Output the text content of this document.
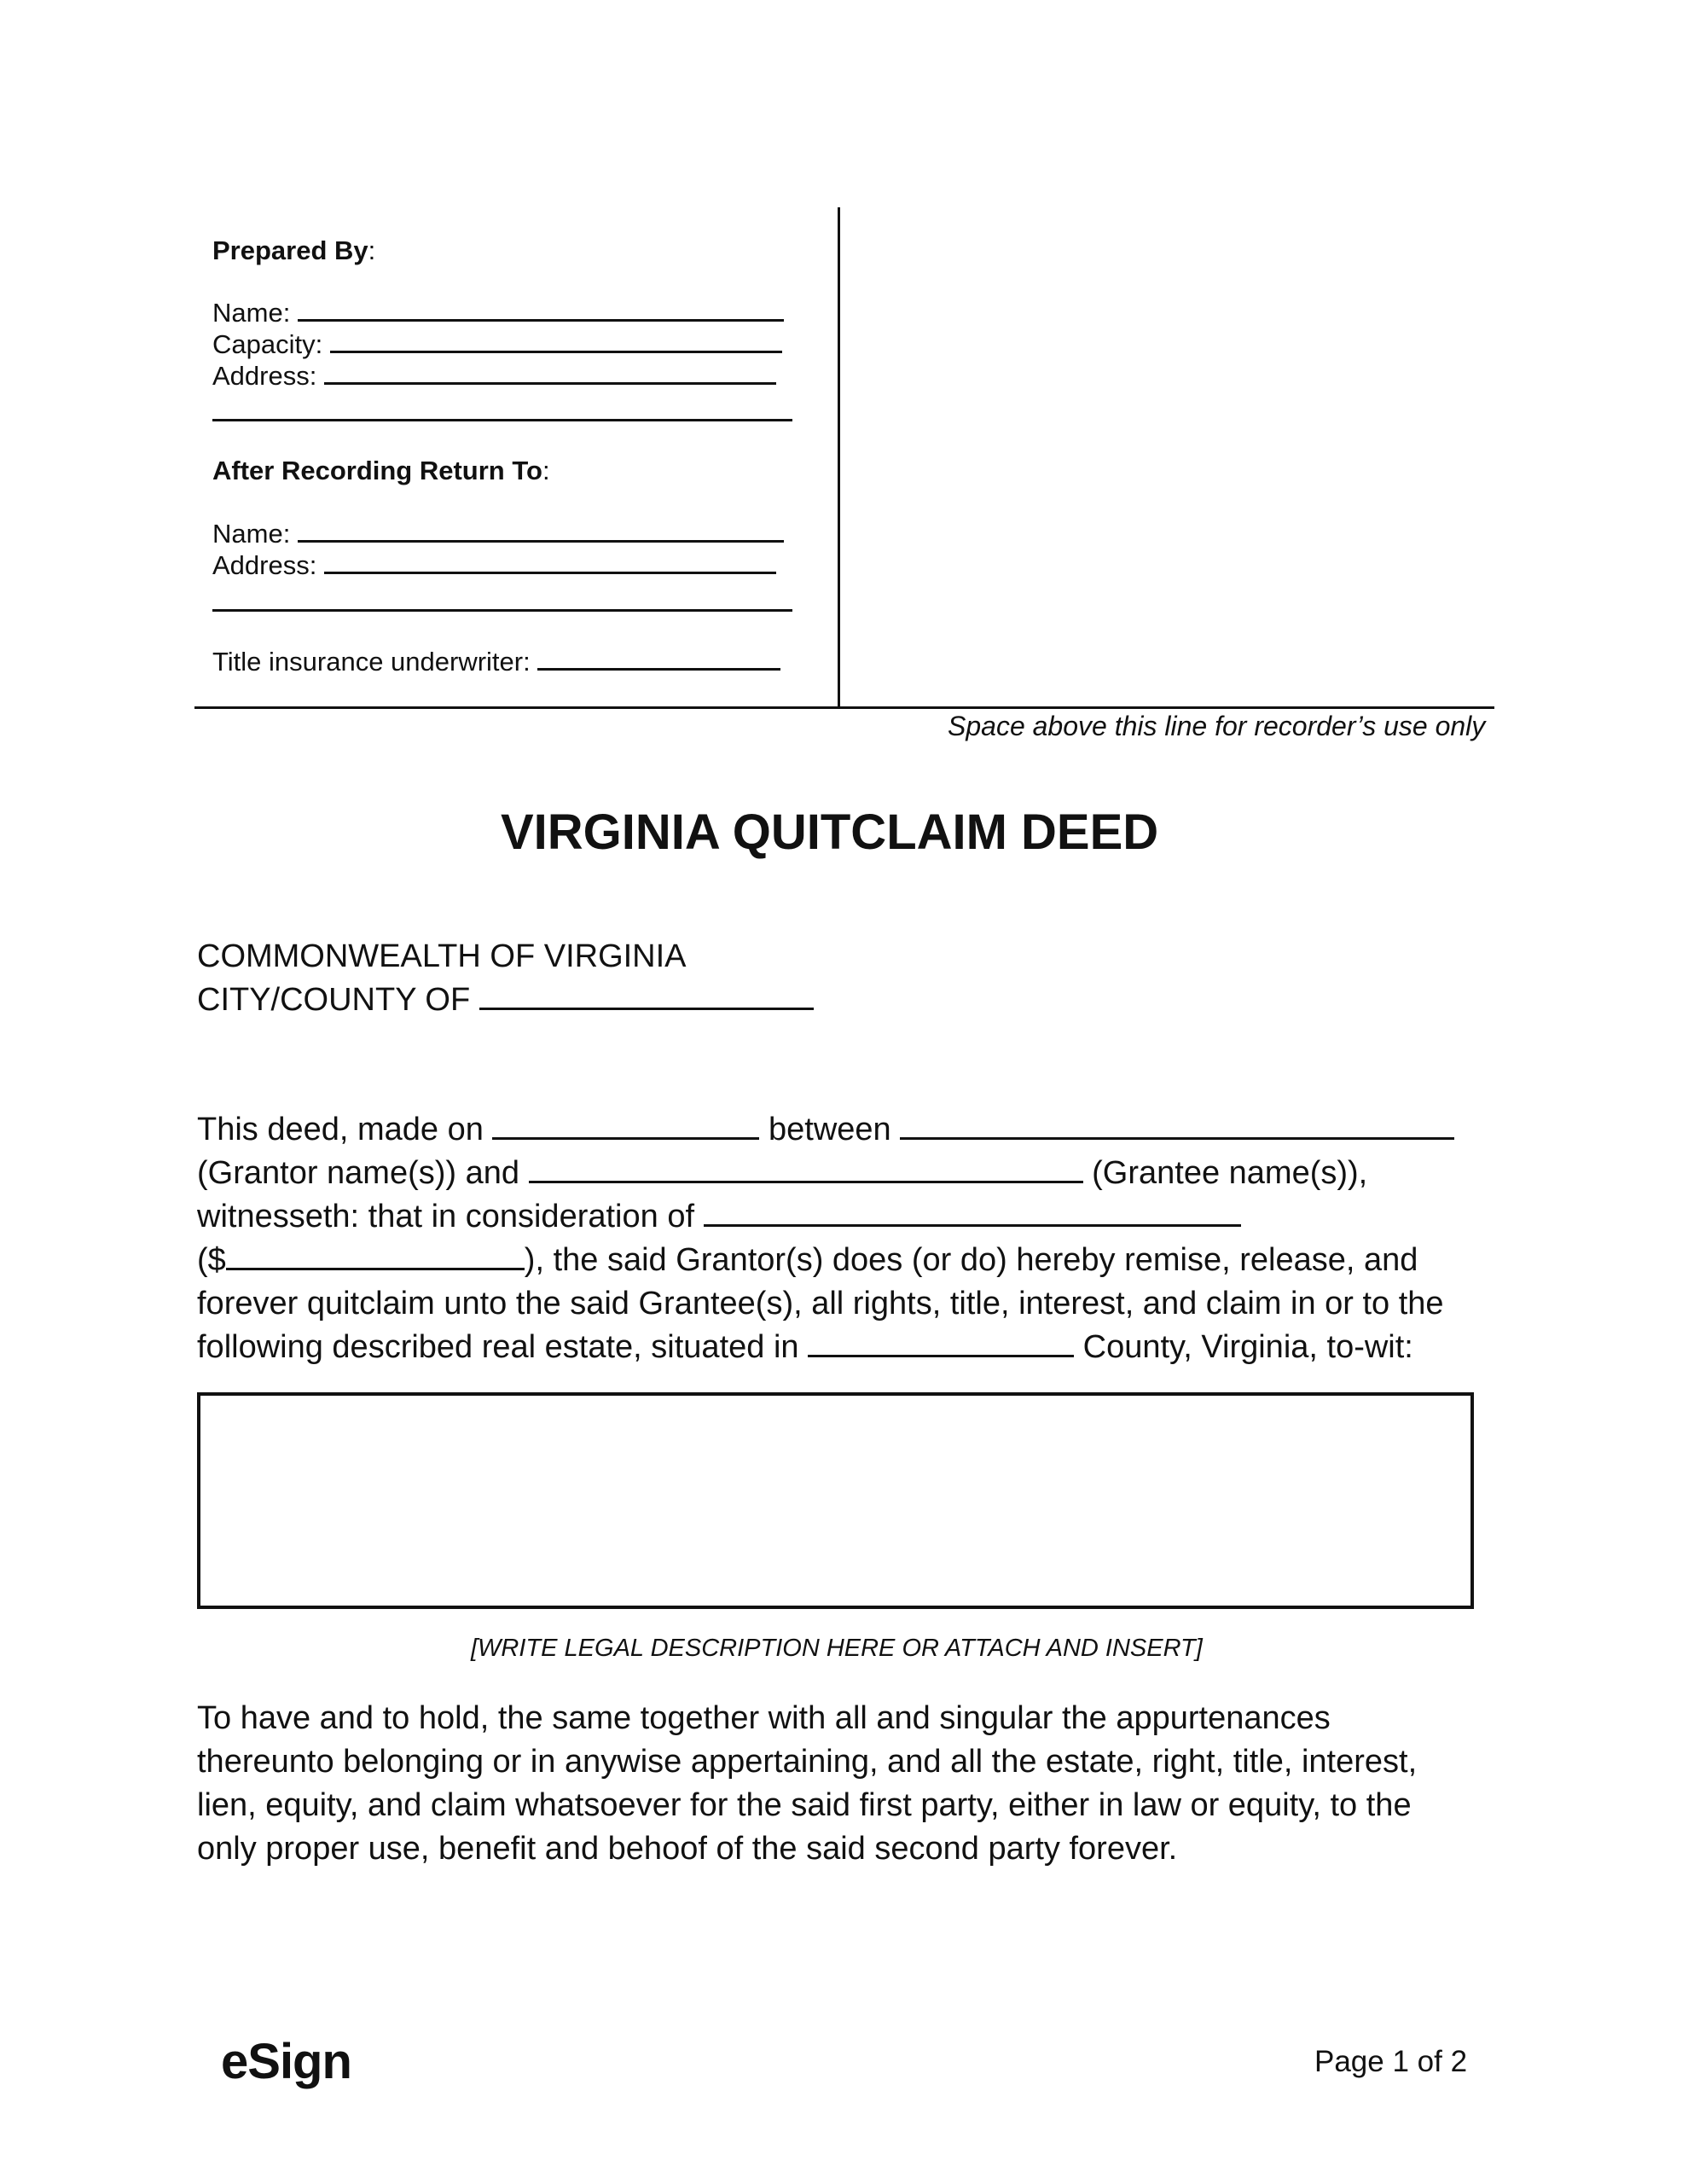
Prepared By:
Name:
Capacity:
Address:
After Recording Return To:
Name:
Address:
Title insurance underwriter:
Space above this line for recorder’s use only
VIRGINIA QUITCLAIM DEED
COMMONWEALTH OF VIRGINIA
CITY/COUNTY OF
This deed, made on	between
(Grantor name(s)) and	(Grantee name(s)),
witnesseth: that in consideration of
($	), the said Grantor(s) does (or do) hereby remise, release, and
forever quitclaim unto the said Grantee(s), all rights, title, interest, and claim in or to the
following described real estate, situated in	County, Virginia, to-wit:
[WRITE LEGAL DESCRIPTION HERE OR ATTACH AND INSERT]
To have and to hold, the same together with all and singular the appurtenances
thereunto belonging or in anywise appertaining, and all the estate, right, title, interest,
lien, equity, and claim whatsoever for the said first party, either in law or equity, to the
only proper use, benefit and behoof of the said second party forever.
eSign	Page 1 of 2
